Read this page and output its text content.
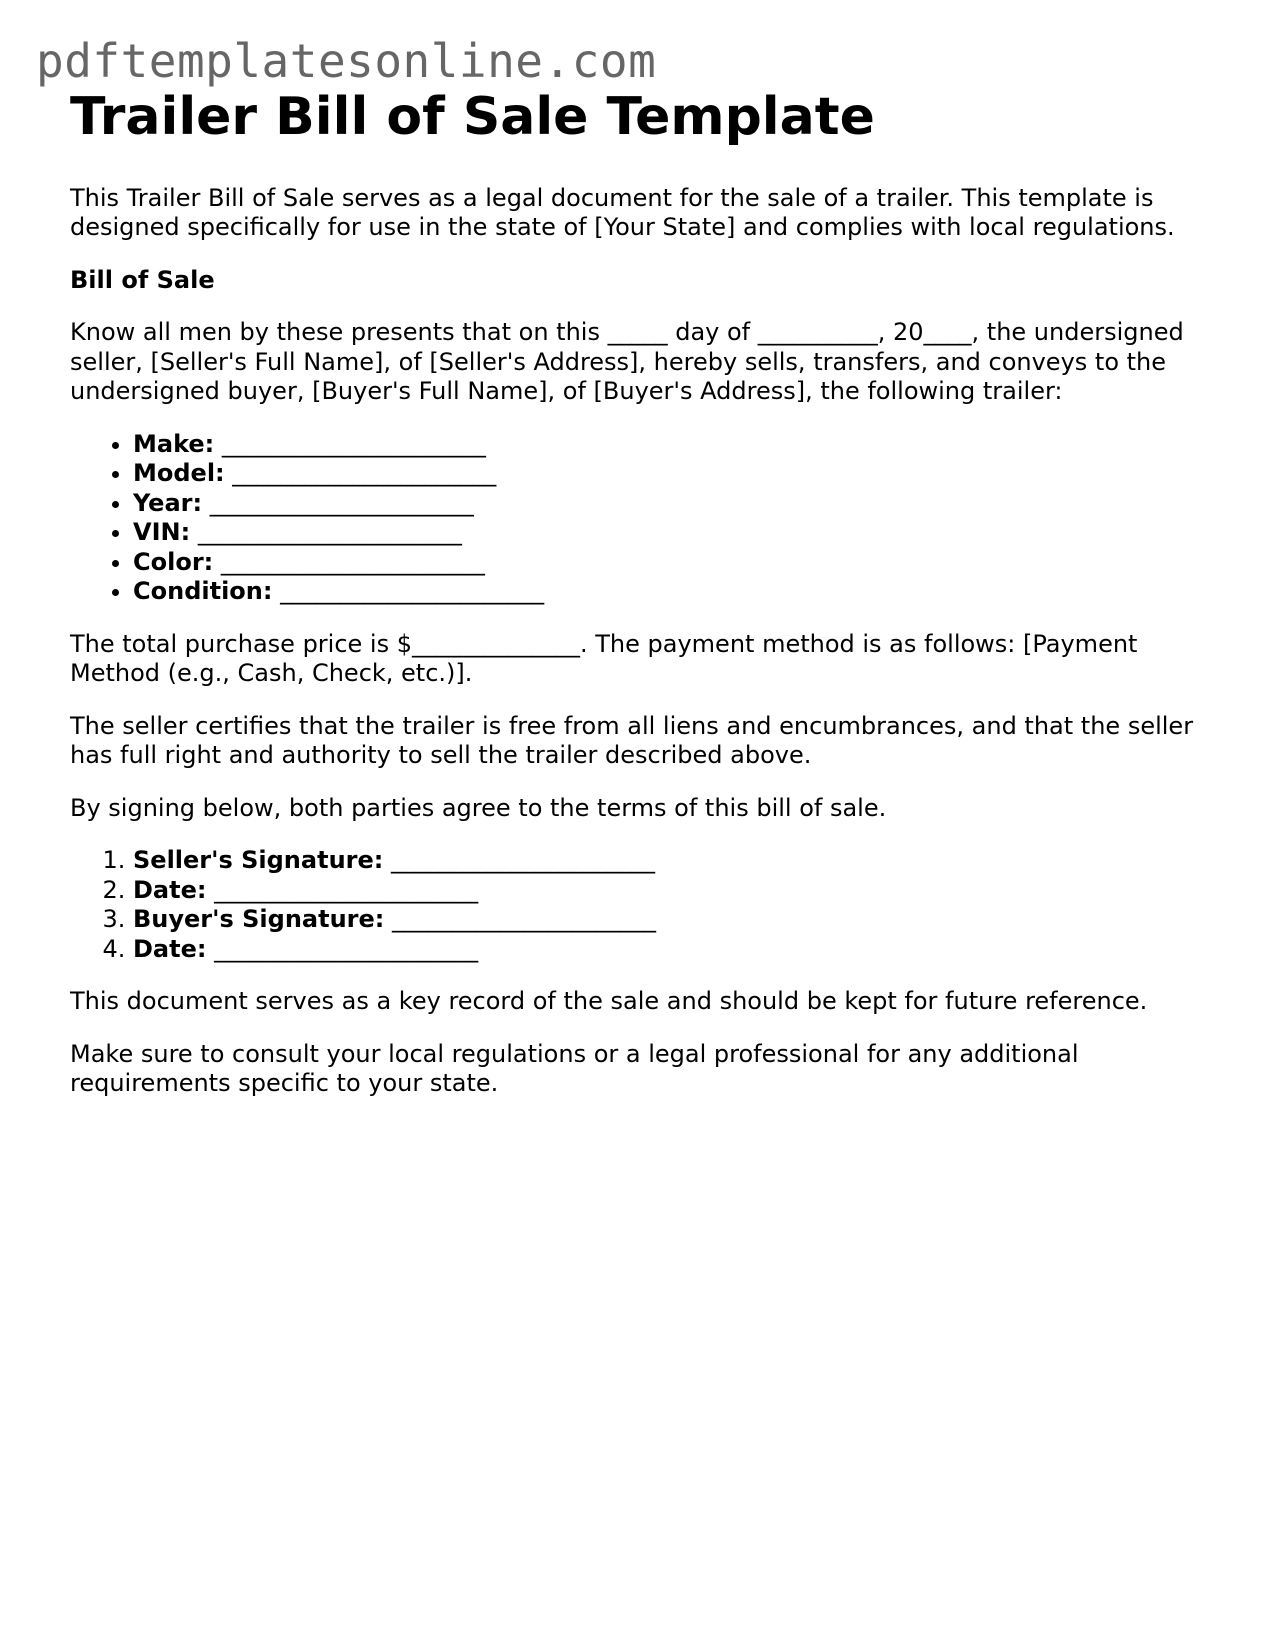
pdftemplatesonline.com
Trailer Bill of Sale Template

This Trailer Bill of Sale serves as a legal document for the sale of a trailer. This template is designed specifically for use in the state of [Your State] and complies with local regulations.

Bill of Sale

Know all men by these presents that on this _____ day of __________, 20____, the undersigned seller, [Seller's Full Name], of [Seller's Address], hereby sells, transfers, and conveys to the undersigned buyer, [Buyer's Full Name], of [Buyer's Address], the following trailer:

• Make: ______________________
• Model: ______________________
• Year: ______________________
• VIN: ______________________
• Color: ______________________
• Condition: ______________________

The total purchase price is $______________. The payment method is as follows: [Payment Method (e.g., Cash, Check, etc.)].

The seller certifies that the trailer is free from all liens and encumbrances, and that the seller has full right and authority to sell the trailer described above.

By signing below, both parties agree to the terms of this bill of sale.

1. Seller's Signature: ______________________
2. Date: ______________________
3. Buyer's Signature: ______________________
4. Date: ______________________

This document serves as a key record of the sale and should be kept for future reference.

Make sure to consult your local regulations or a legal professional for any additional requirements specific to your state.
